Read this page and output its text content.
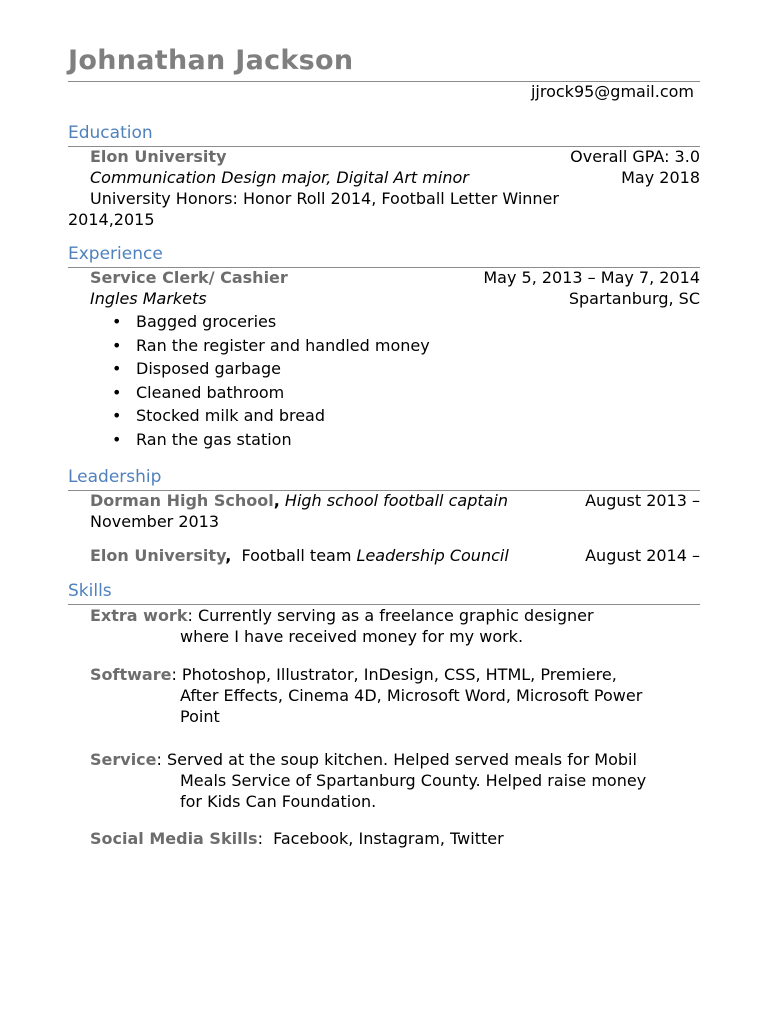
Johnathan Jackson
jjrock95@gmail.com
Education
Elon University	Overall GPA: 3.0
Communication Design major, Digital Art minor	May 2018
University Honors: Honor Roll 2014, Football Letter Winner
2014,2015
Experience
Service Clerk/ Cashier	May 5, 2013 – May 7, 2014
Ingles Markets	Spartanburg, SC
• Bagged groceries
• Ran the register and handled money
• Disposed garbage
• Cleaned bathroom
• Stocked milk and bread
• Ran the gas station
Leadership
Dorman High School, High school football captain	August 2013 –
November 2013
Elon University, Football team Leadership Council	August 2014 –
Skills
Extra work: Currently serving as a freelance graphic designer
where I have received money for my work.
Software: Photoshop, Illustrator, InDesign, CSS, HTML, Premiere,
After Effects, Cinema 4D, Microsoft Word, Microsoft Power
Point
Service: Served at the soup kitchen. Helped served meals for Mobil
Meals Service of Spartanburg County. Helped raise money
for Kids Can Foundation.
Social Media Skills:  Facebook, Instagram, Twitter
